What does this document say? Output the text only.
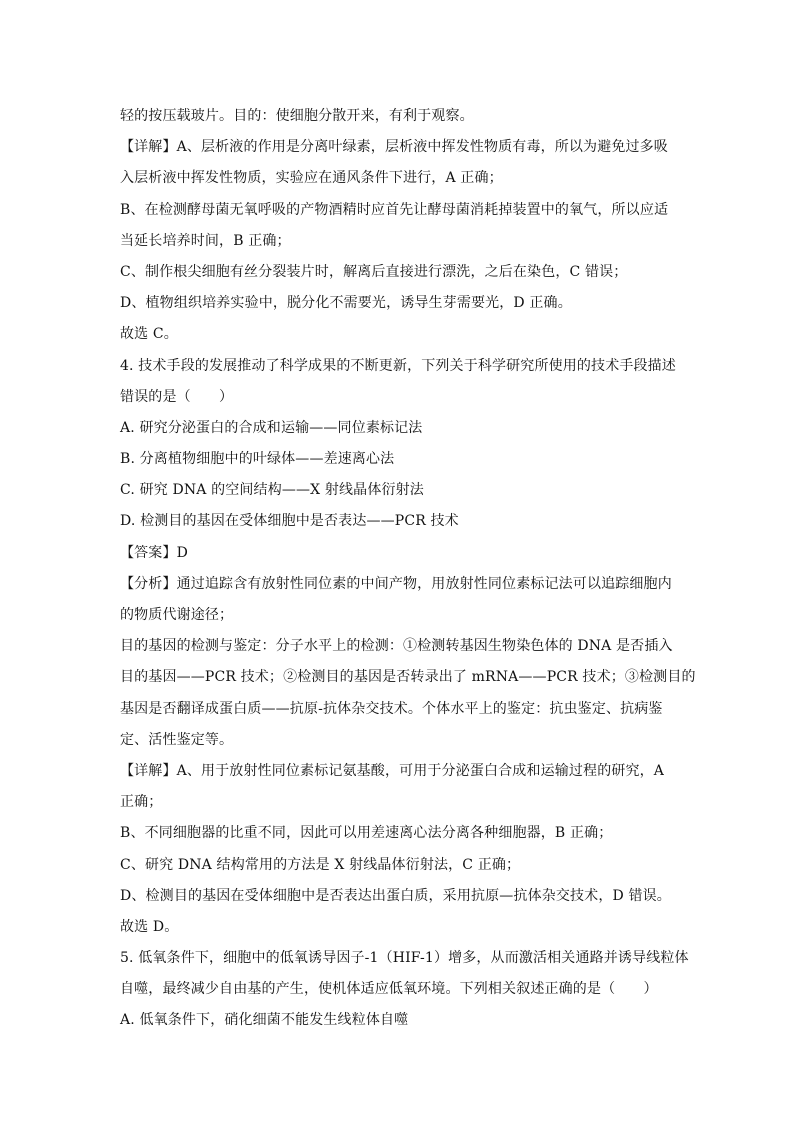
轻的按压载玻片。目的：使细胞分散开来，有利于观察。
【详解】A、层析液的作用是分离叶绿素，层析液中挥发性物质有毒，所以为避免过多吸
入层析液中挥发性物质，实验应在通风条件下进行，A 正确；
B、在检测酵母菌无氧呼吸的产物酒精时应首先让酵母菌消耗掉装置中的氧气，所以应适
当延长培养时间，B 正确；
C、制作根尖细胞有丝分裂装片时，解离后直接进行漂洗，之后在染色，C 错误；
D、植物组织培养实验中，脱分化不需要光，诱导生芽需要光，D 正确。
故选 C。
4. 技术手段的发展推动了科学成果的不断更新，下列关于科学研究所使用的技术手段描述
错误的是（　　）
A. 研究分泌蛋白的合成和运输——同位素标记法
B. 分离植物细胞中的叶绿体——差速离心法
C. 研究 DNA 的空间结构——X 射线晶体衍射法
D. 检测目的基因在受体细胞中是否表达——PCR 技术
【答案】D
【分析】通过追踪含有放射性同位素的中间产物，用放射性同位素标记法可以追踪细胞内
的物质代谢途径；
目的基因的检测与鉴定：分子水平上的检测：①检测转基因生物染色体的 DNA 是否插入
目的基因——PCR 技术；②检测目的基因是否转录出了 mRNA——PCR 技术；③检测目的
基因是否翻译成蛋白质——抗原-抗体杂交技术。个体水平上的鉴定：抗虫鉴定、抗病鉴
定、活性鉴定等。
【详解】A、用于放射性同位素标记氨基酸，可用于分泌蛋白合成和运输过程的研究，A
正确；
B、不同细胞器的比重不同，因此可以用差速离心法分离各种细胞器，B 正确；
C、研究 DNA 结构常用的方法是 X 射线晶体衍射法，C 正确；
D、检测目的基因在受体细胞中是否表达出蛋白质，采用抗原—抗体杂交技术，D 错误。
故选 D。
5. 低氧条件下，细胞中的低氧诱导因子-1（HIF-1）增多，从而激活相关通路并诱导线粒体
自噬，最终减少自由基的产生，使机体适应低氧环境。下列相关叙述正确的是（　　）
A. 低氧条件下，硝化细菌不能发生线粒体自噬
